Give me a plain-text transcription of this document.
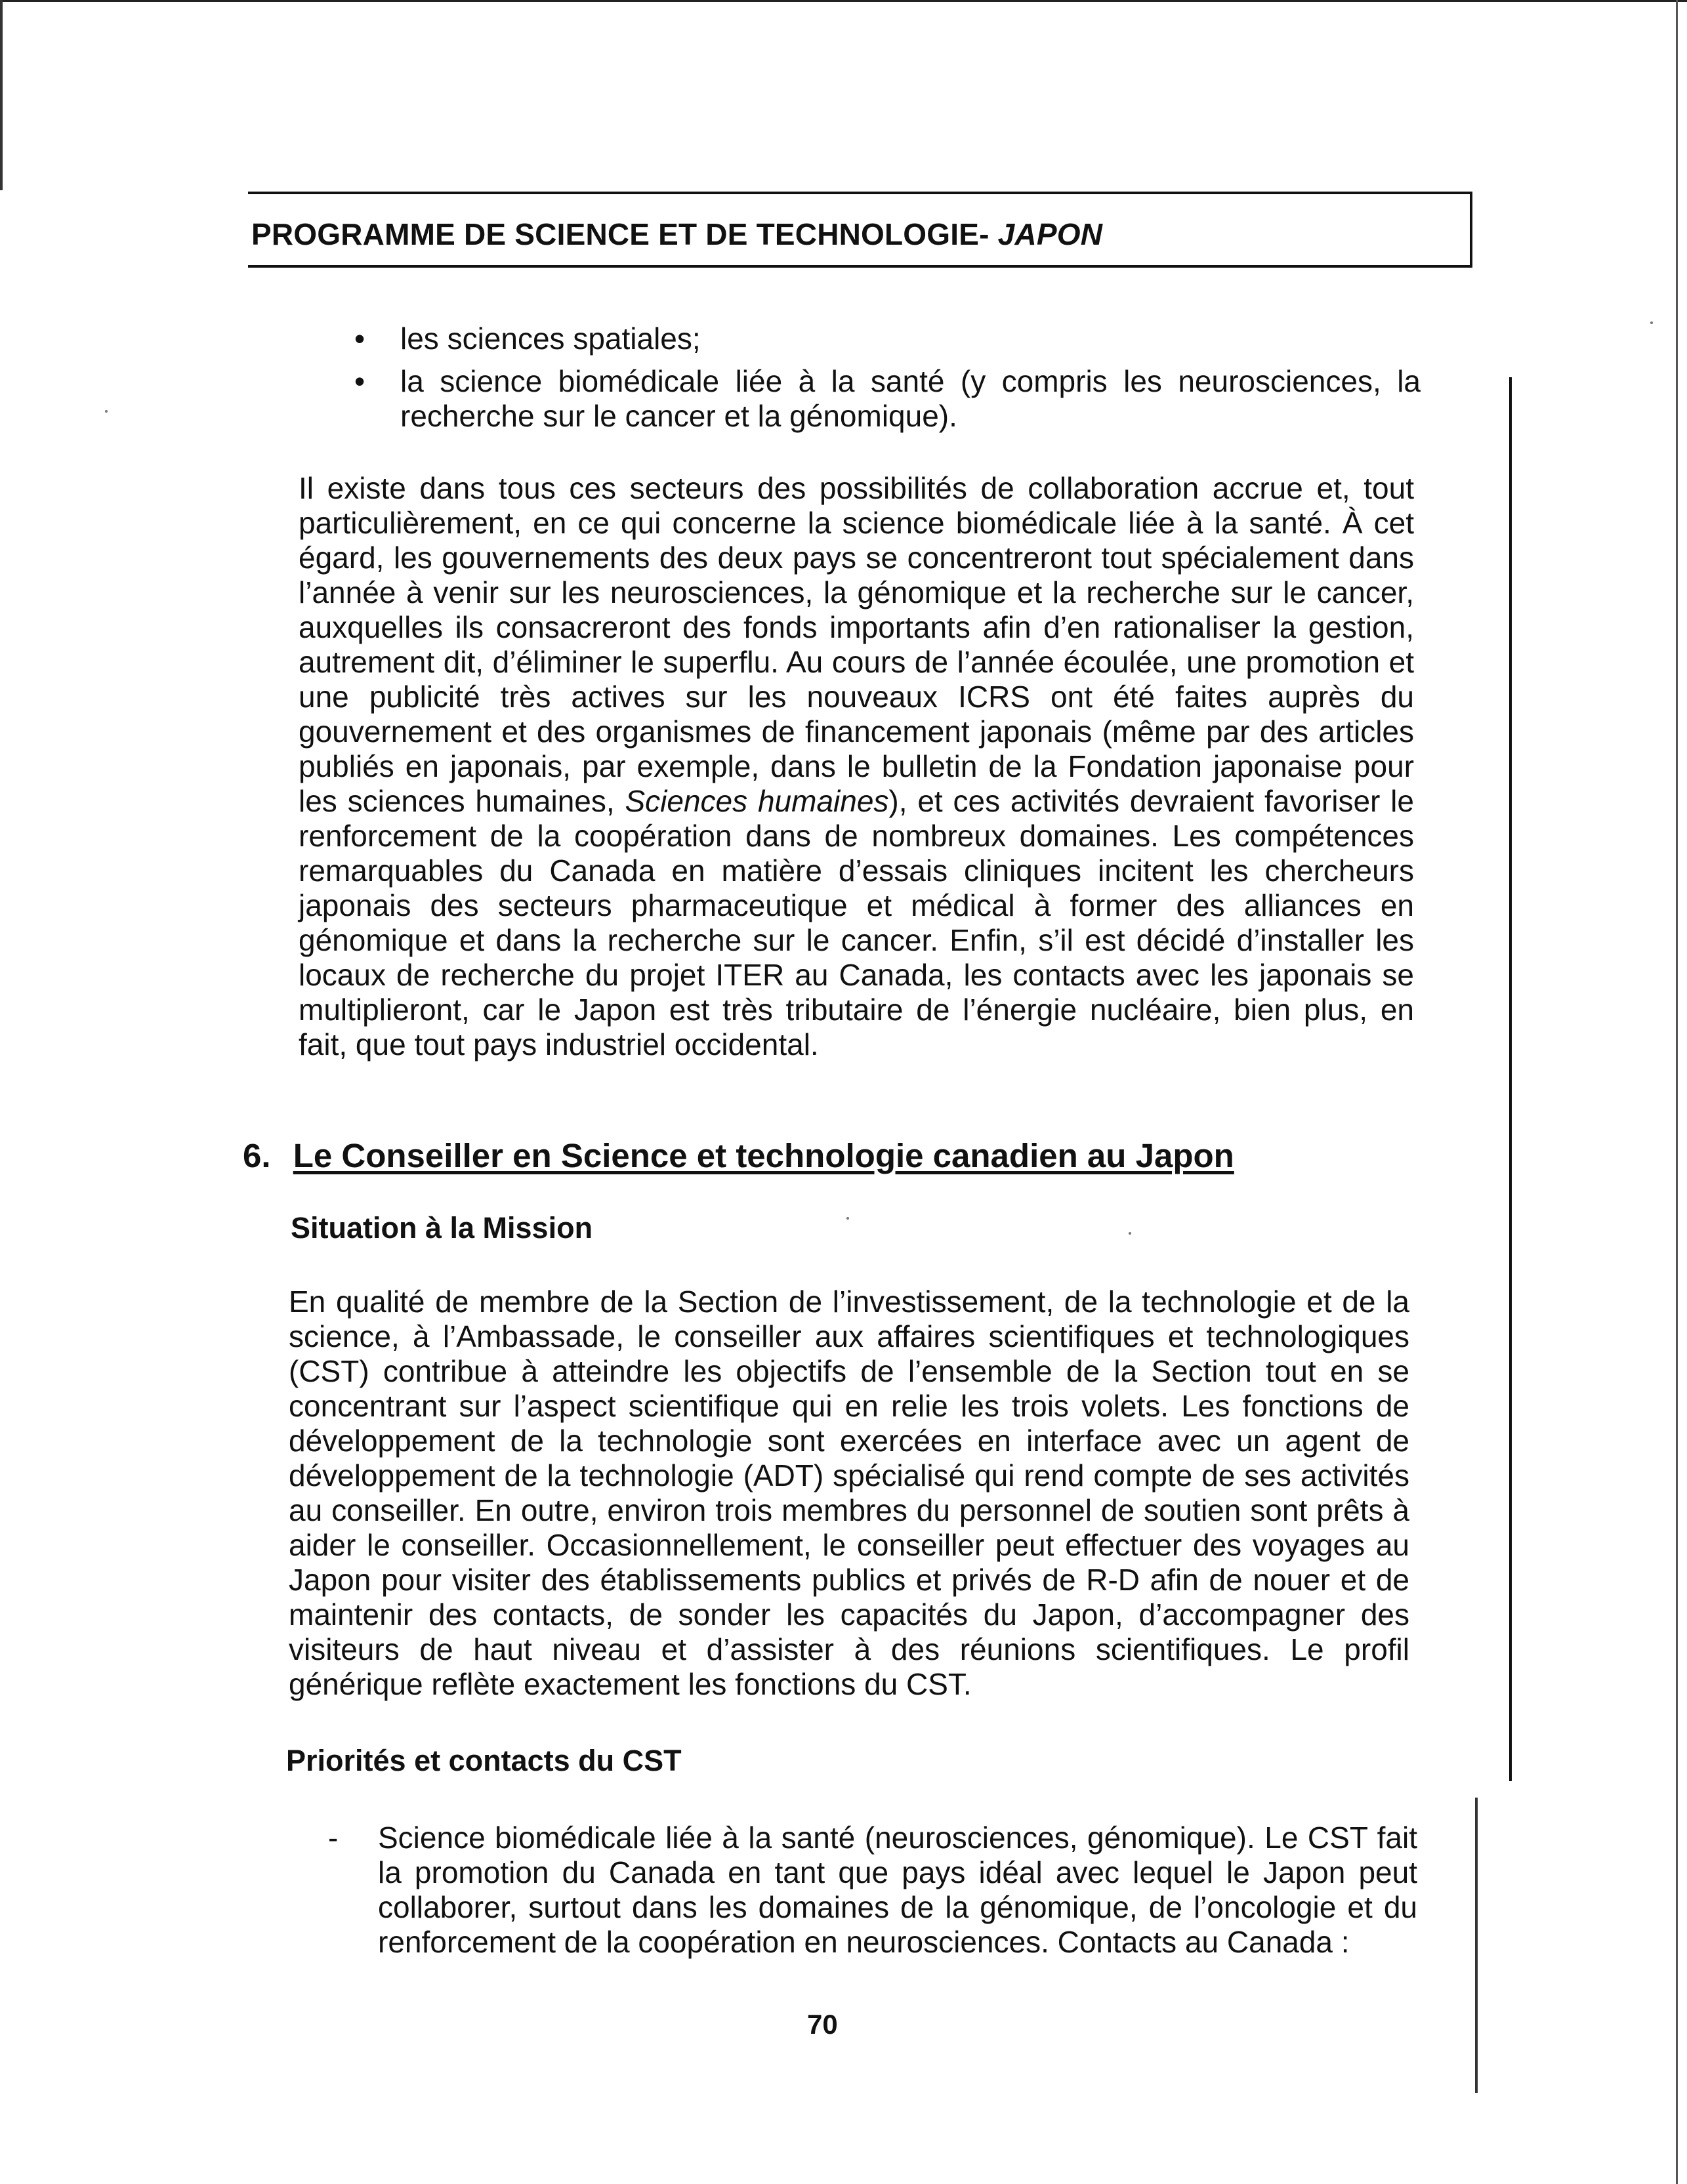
PROGRAMME DE SCIENCE ET DE TECHNOLOGIE- JAPON
• les sciences spatiales;
• la science biomédicale liée à la santé (y compris les neurosciences, la recherche sur le cancer et la génomique).

Il existe dans tous ces secteurs des possibilités de collaboration accrue et, tout particulièrement, en ce qui concerne la science biomédicale liée à la santé. À cet égard, les gouvernements des deux pays se concentreront tout spécialement dans l’année à venir sur les neurosciences, la génomique et la recherche sur le cancer, auxquelles ils consacreront des fonds importants afin d’en rationaliser la gestion, autrement dit, d’éliminer le superflu. Au cours de l’année écoulée, une promotion et une publicité très actives sur les nouveaux ICRS ont été faites auprès du gouvernement et des organismes de financement japonais (même par des articles publiés en japonais, par exemple, dans le bulletin de la Fondation japonaise pour les sciences humaines, Sciences humaines), et ces activités devraient favoriser le renforcement de la coopération dans de nombreux domaines. Les compétences remarquables du Canada en matière d’essais cliniques incitent les chercheurs japonais des secteurs pharmaceutique et médical à former des alliances en génomique et dans la recherche sur le cancer. Enfin, s’il est décidé d’installer les locaux de recherche du projet ITER au Canada, les contacts avec les japonais se multiplieront, car le Japon est très tributaire de l’énergie nucléaire, bien plus, en fait, que tout pays industriel occidental.

6. Le Conseiller en Science et technologie canadien au Japon
Situation à la Mission

En qualité de membre de la Section de l’investissement, de la technologie et de la science, à l’Ambassade, le conseiller aux affaires scientifiques et technologiques (CST) contribue à atteindre les objectifs de l’ensemble de la Section tout en se concentrant sur l’aspect scientifique qui en relie les trois volets. Les fonctions de développement de la technologie sont exercées en interface avec un agent de développement de la technologie (ADT) spécialisé qui rend compte de ses activités au conseiller. En outre, environ trois membres du personnel de soutien sont prêts à aider le conseiller. Occasionnellement, le conseiller peut effectuer des voyages au Japon pour visiter des établissements publics et privés de R-D afin de nouer et de maintenir des contacts, de sonder les capacités du Japon, d’accompagner des visiteurs de haut niveau et d’assister à des réunions scientifiques. Le profil générique reflète exactement les fonctions du CST.

Priorités et contacts du CST
- Science biomédicale liée à la santé (neurosciences, génomique). Le CST fait la promotion du Canada en tant que pays idéal avec lequel le Japon peut collaborer, surtout dans les domaines de la génomique, de l’oncologie et du renforcement de la coopération en neurosciences. Contacts au Canada :
70
